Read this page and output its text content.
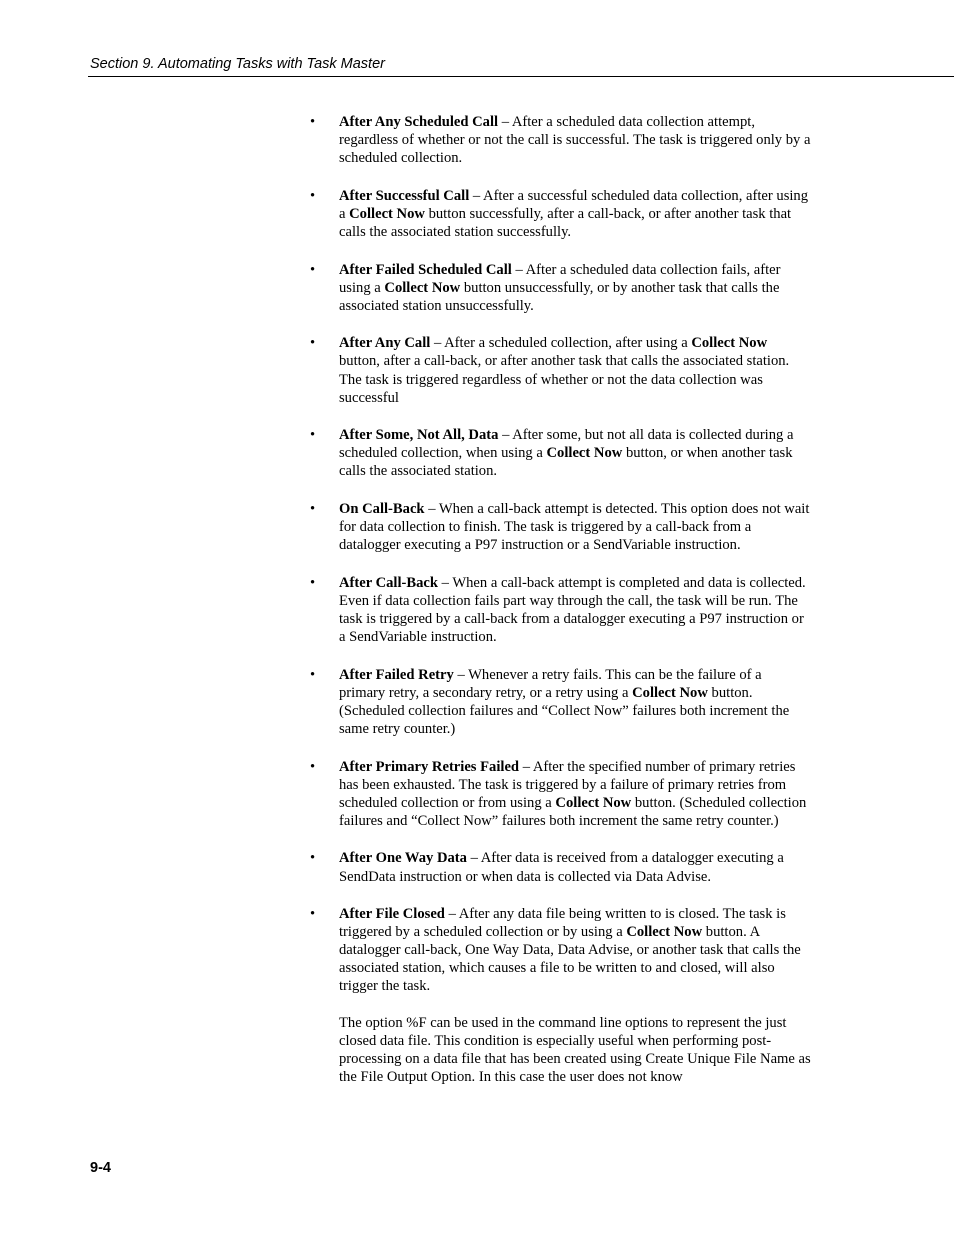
Section 9. Automating Tasks with Task Master
• After Any Scheduled Call – After a scheduled data collection attempt, regardless of whether or not the call is successful. The task is triggered only by a scheduled collection.
• After Successful Call – After a successful scheduled data collection, after using a Collect Now button successfully, after a call-back, or after another task that calls the associated station successfully.
• After Failed Scheduled Call – After a scheduled data collection fails, after using a Collect Now button unsuccessfully, or by another task that calls the associated station unsuccessfully.
• After Any Call – After a scheduled collection, after using a Collect Now button, after a call-back, or after another task that calls the associated station. The task is triggered regardless of whether or not the data collection was successful
• After Some, Not All, Data – After some, but not all data is collected during a scheduled collection, when using a Collect Now button, or when another task calls the associated station.
• On Call-Back – When a call-back attempt is detected. This option does not wait for data collection to finish. The task is triggered by a call-back from a datalogger executing a P97 instruction or a SendVariable instruction.
• After Call-Back – When a call-back attempt is completed and data is collected. Even if data collection fails part way through the call, the task will be run. The task is triggered by a call-back from a datalogger executing a P97 instruction or a SendVariable instruction.
• After Failed Retry – Whenever a retry fails. This can be the failure of a primary retry, a secondary retry, or a retry using a Collect Now button. (Scheduled collection failures and “Collect Now” failures both increment the same retry counter.)
• After Primary Retries Failed – After the specified number of primary retries has been exhausted. The task is triggered by a failure of primary retries from scheduled collection or from using a Collect Now button. (Scheduled collection failures and “Collect Now” failures both increment the same retry counter.)
• After One Way Data – After data is received from a datalogger executing a SendData instruction or when data is collected via Data Advise.
• After File Closed – After any data file being written to is closed. The task is triggered by a scheduled collection or by using a Collect Now button. A datalogger call-back, One Way Data, Data Advise, or another task that calls the associated station, which causes a file to be written to and closed, will also trigger the task.

The option %F can be used in the command line options to represent the just closed data file. This condition is especially useful when performing post-processing on a data file that has been created using Create Unique File Name as the File Output Option. In this case the user does not know

9-4
